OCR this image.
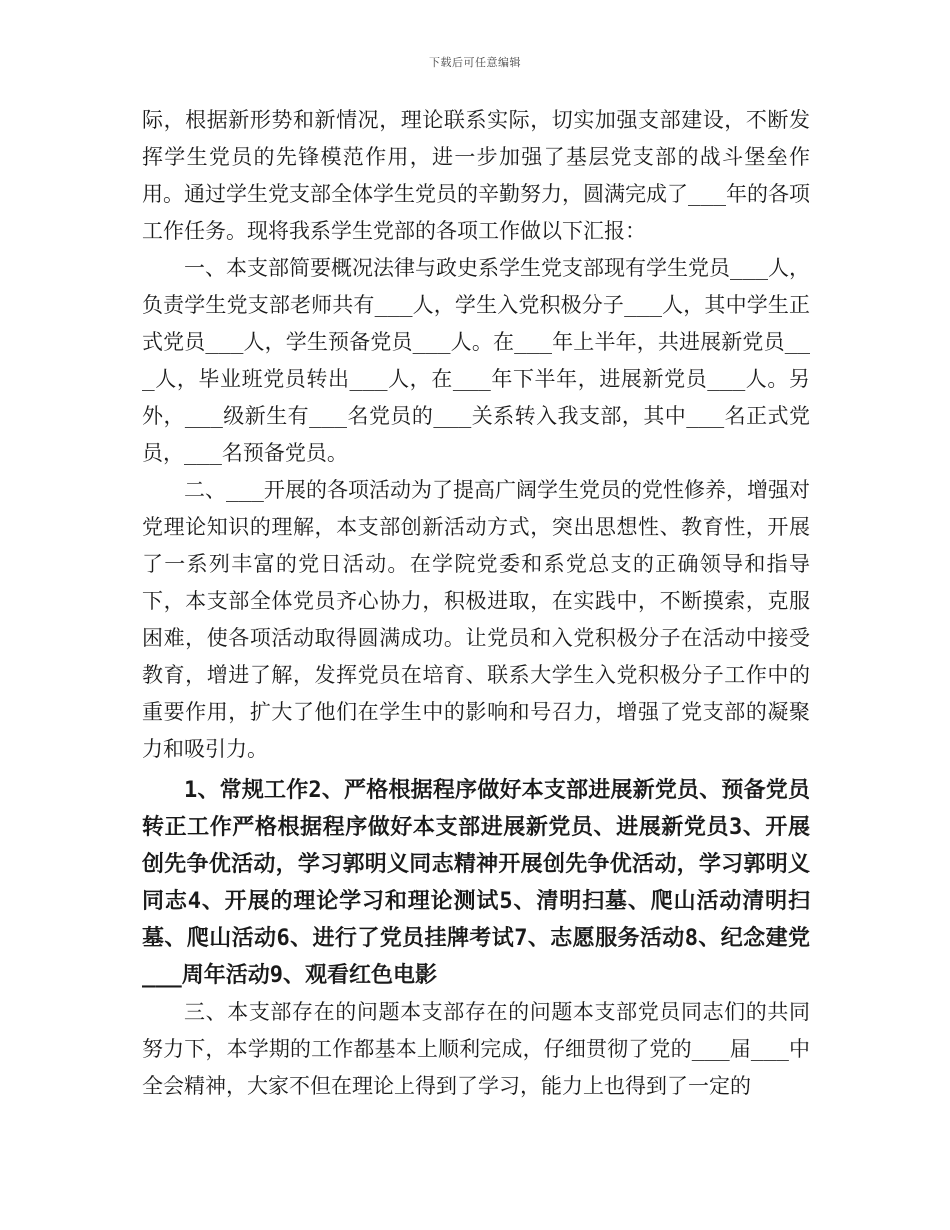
下载后可任意编辑

际，根据新形势和新情况，理论联系实际，切实加强支部建设，不断发挥学生党员的先锋模范作用，进一步加强了基层党支部的战斗堡垒作用。通过学生党支部全体学生党员的辛勤努力，圆满完成了___年的各项工作任务。现将我系学生党部的各项工作做以下汇报：

一、本支部简要概况法律与政史系学生党支部现有学生党员___人，负责学生党支部老师共有___人，学生入党积极分子___人，其中学生正式党员___人，学生预备党员___人。在___年上半年，共进展新党员___人，毕业班党员转出___人，在___年下半年，进展新党员___人。另外，___级新生有___名党员的___关系转入我支部，其中___名正式党员，___名预备党员。

二、___开展的各项活动为了提高广阔学生党员的党性修养，增强对党理论知识的理解，本支部创新活动方式，突出思想性、教育性，开展了一系列丰富的党日活动。在学院党委和系党总支的正确领导和指导下，本支部全体党员齐心协力，积极进取，在实践中，不断摸索，克服困难，使各项活动取得圆满成功。让党员和入党积极分子在活动中接受教育，增进了解，发挥党员在培育、联系大学生入党积极分子工作中的重要作用，扩大了他们在学生中的影响和号召力，增强了党支部的凝聚力和吸引力。

1、常规工作2、严格根据程序做好本支部进展新党员、预备党员转正工作严格根据程序做好本支部进展新党员、进展新党员3、开展创先争优活动，学习郭明义同志精神开展创先争优活动，学习郭明义同志4、开展的理论学习和理论测试5、清明扫墓、爬山活动清明扫墓、爬山活动6、进行了党员挂牌考试7、志愿服务活动8、纪念建党___周年活动9、观看红色电影

三、本支部存在的问题本支部存在的问题本支部党员同志们的共同努力下，本学期的工作都基本上顺利完成，仔细贯彻了党的___届___中全会精神，大家不但在理论上得到了学习，能力上也得到了一定的
